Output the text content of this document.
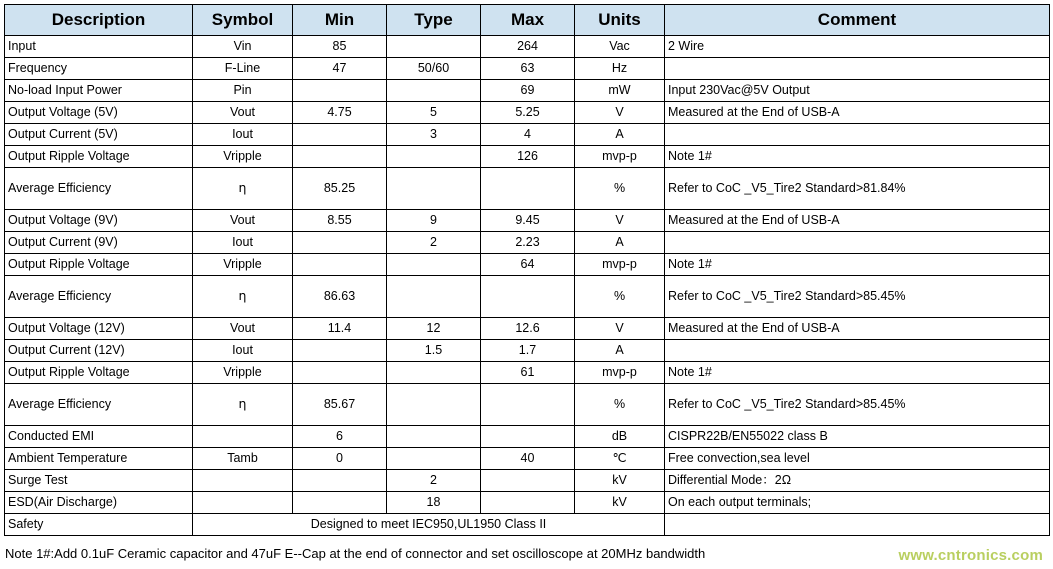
Description	Symbol	Min	Type	Max	Units	Comment
Input	Vin	85		264	Vac	2 Wire
Frequency	F-Line	47	50/60	63	Hz	
No-load Input Power	Pin			69	mW	Input 230Vac@5V Output
Output Voltage (5V)	Vout	4.75	5	5.25	V	Measured at the End of USB-A
Output Current (5V)	Iout		3	4	A	
Output Ripple Voltage	Vripple			126	mvp-p	Note 1#
Average Efficiency	η	85.25			%	Refer to CoC _V5_Tire2 Standard>81.84%

Output Voltage (9V)	Vout	8.55	9	9.45	V	Measured at the End of USB-A
Output Current (9V)	Iout		2	2.23	A	
Output Ripple Voltage	Vripple			64	mvp-p	Note 1#
Average Efficiency	η	86.63			%	Refer to CoC _V5_Tire2 Standard>85.45%

Output Voltage (12V)	Vout	11.4	12	12.6	V	Measured at the End of USB-A
Output Current (12V)	Iout		1.5	1.7	A	
Output Ripple Voltage	Vripple			61	mvp-p	Note 1#
Average Efficiency	η	85.67			%	Refer to CoC _V5_Tire2 Standard>85.45%

Conducted EMI		6			dB	CISPR22B/EN55022 class B
Ambient Temperature	Tamb	0		40	℃	Free convection,sea level
Surge Test			2		kV	Differential Mode：2Ω
ESD(Air Discharge)			18		kV	On each output terminals;
Safety	Designed to meet IEC950,UL1950 Class II					
Note 1#:Add 0.1uF Ceramic capacitor and 47uF E--Cap at the end of connector and set oscilloscope at 20MHz bandwidth	www.cntronics.com
